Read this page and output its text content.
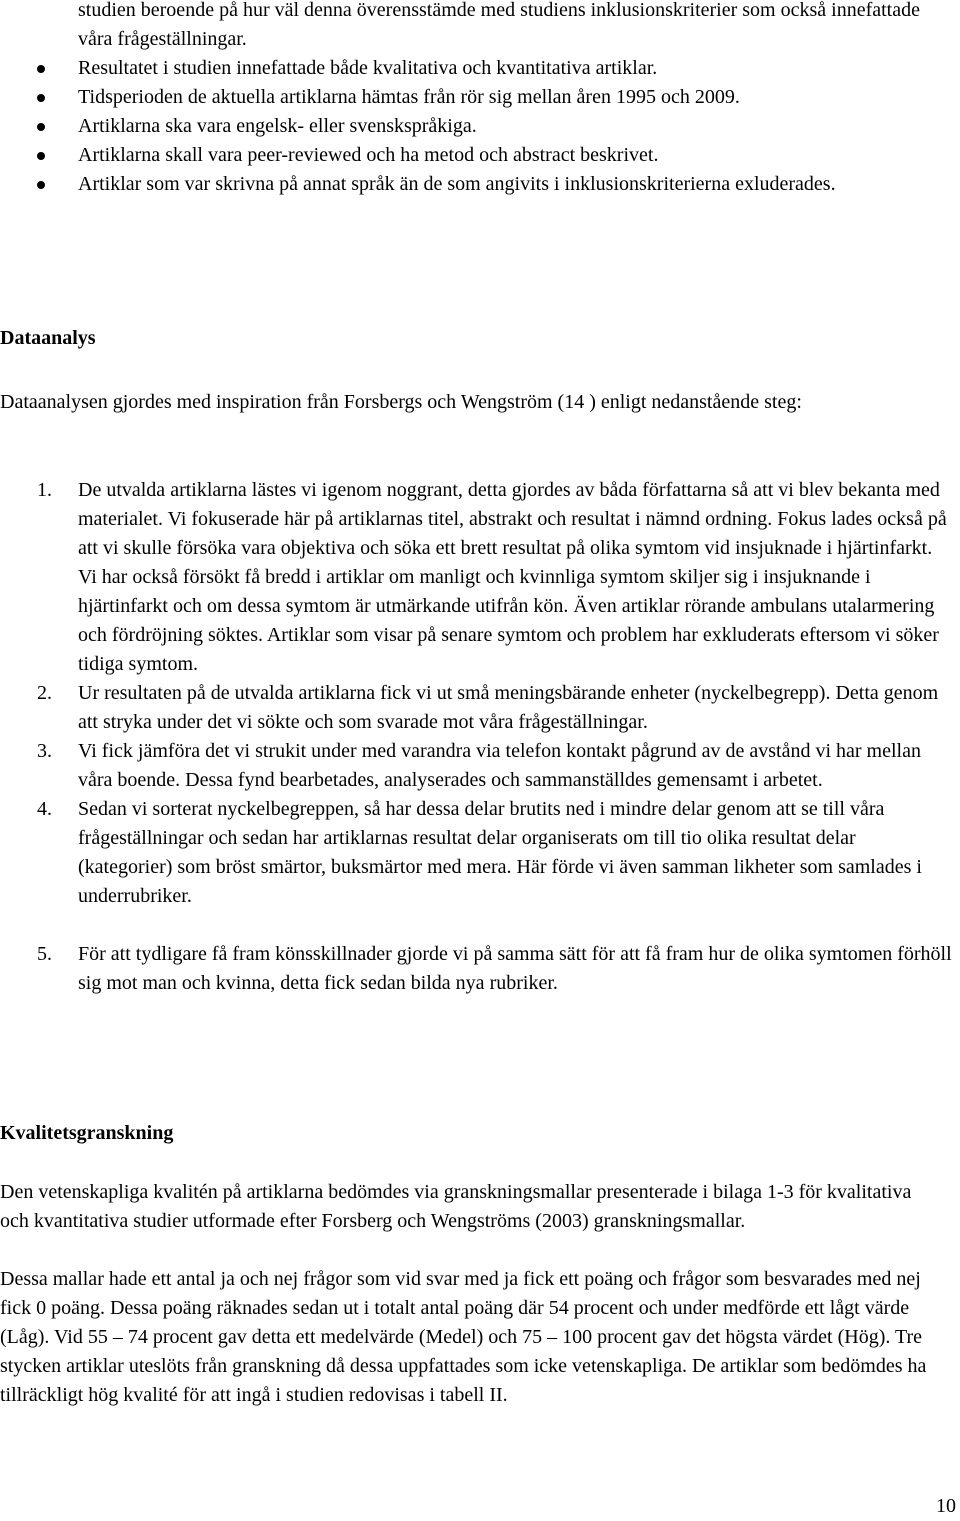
studien beroende på hur väl denna överensstämde med studiens inklusionskriterier som också innefattade våra frågeställningar.

Resultatet i studien innefattade både kvalitativa och kvantitativa artiklar.
Tidsperioden de aktuella artiklarna hämtas från rör sig mellan åren 1995 och 2009.
Artiklarna ska vara engelsk- eller svenskspråkiga.
Artiklarna skall vara peer-reviewed och ha metod och abstract beskrivet.
Artiklar som var skrivna på annat språk än de som angivits i inklusionskriterierna exluderades.
Dataanalys

Dataanalysen gjordes med inspiration från Forsbergs och Wengström (14 ) enligt nedanstående steg:

1. De utvalda artiklarna lästes vi igenom noggrant, detta gjordes av båda författarna så att vi blev bekanta med materialet. Vi fokuserade här på artiklarnas titel, abstrakt och resultat i nämnd ordning. Fokus lades också på att vi skulle försöka vara objektiva och söka ett brett resultat på olika symtom vid insjuknade i hjärtinfarkt. Vi har också försökt få bredd i artiklar om manligt och kvinnliga symtom skiljer sig i insjuknande i hjärtinfarkt och om dessa symtom är utmärkande utifrån kön. Även artiklar rörande ambulans utalarmering och fördröjning söktes. Artiklar som visar på senare symtom och problem har exkluderats eftersom vi söker tidiga symtom.
2. Ur resultaten på de utvalda artiklarna fick vi ut små meningsbärande enheter (nyckelbegrepp). Detta genom att stryka under det vi sökte och som svarade mot våra frågeställningar.
3. Vi fick jämföra det vi strukit under med varandra via telefon kontakt pågrund av de avstånd vi har mellan våra boende. Dessa fynd bearbetades, analyserades och sammanställdes gemensamt i arbetet.
4. Sedan vi sorterat nyckelbegreppen, så har dessa delar brutits ned i mindre delar genom att se till våra frågeställningar och sedan har artiklarnas resultat delar organiserats om till tio olika resultat delar (kategorier) som bröst smärtor, buksmärtor med mera. Här förde vi även samman likheter som samlades i underrubriker.
5. För att tydligare få fram könsskillnader gjorde vi på samma sätt för att få fram hur de olika symtomen förhöll sig mot man och kvinna, detta fick sedan bilda nya rubriker.
Kvalitetsgranskning

Den vetenskapliga kvalitén på artiklarna bedömdes via granskningsmallar presenterade i bilaga 1-3 för kvalitativa och kvantitativa studier utformade efter Forsberg och Wengströms (2003) granskningsmallar.

Dessa mallar hade ett antal ja och nej frågor som vid svar med ja fick ett poäng och frågor som besvarades med nej fick 0 poäng. Dessa poäng räknades sedan ut i totalt antal poäng där 54 procent och under medförde ett lågt värde (Låg). Vid 55 – 74 procent gav detta ett medelvärde (Medel) och 75 – 100 procent gav det högsta värdet (Hög). Tre stycken artiklar uteslöts från granskning då dessa uppfattades som icke vetenskapliga. De artiklar som bedömdes ha tillräckligt hög kvalité för att ingå i studien redovisas i tabell II.

10
